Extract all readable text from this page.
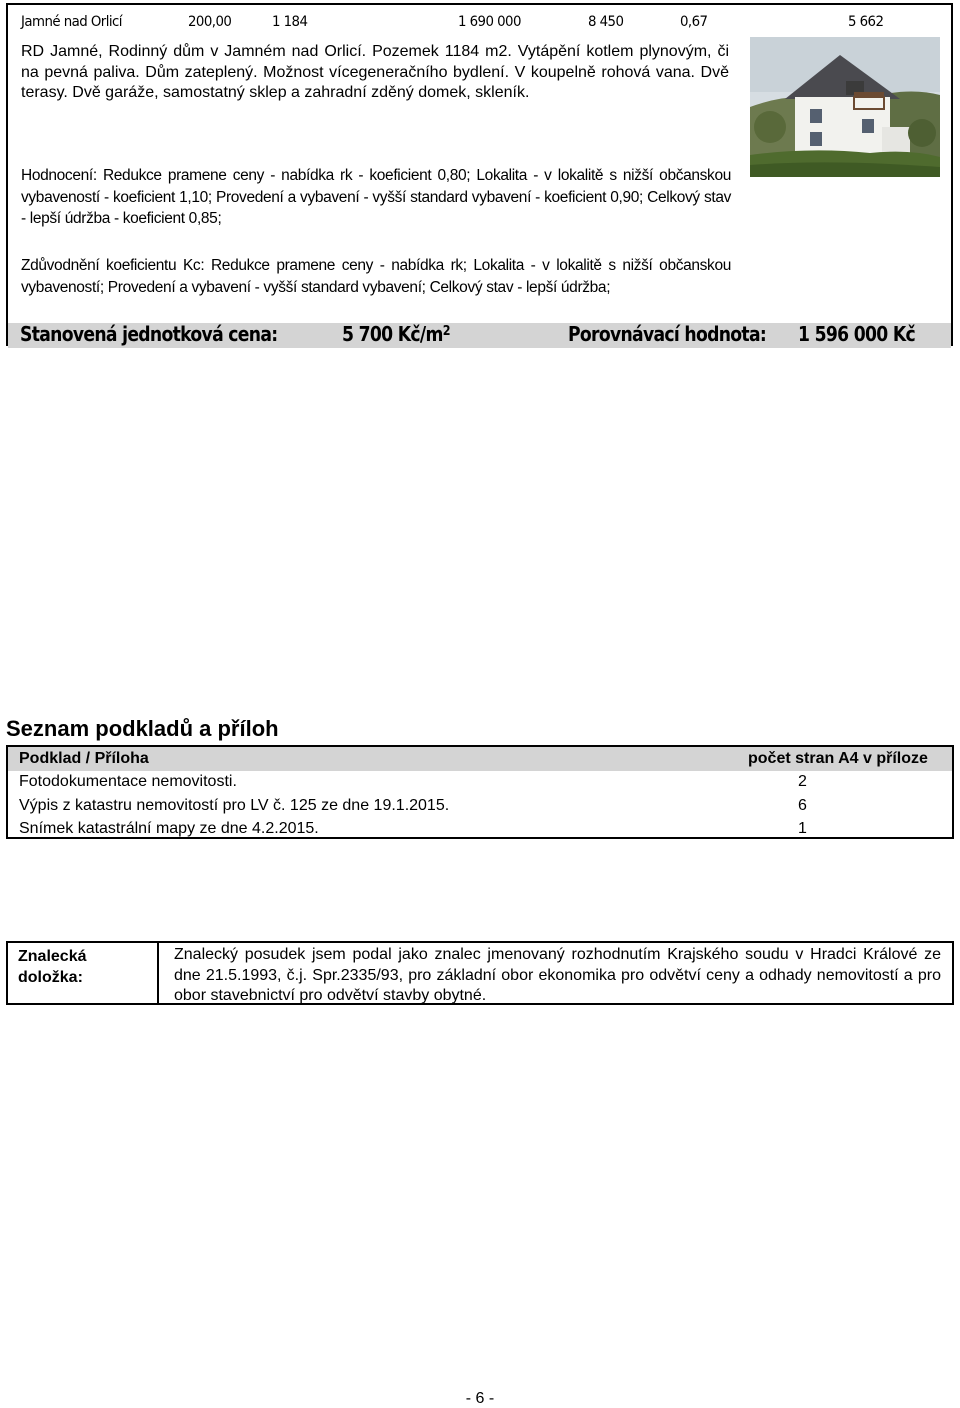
Jamné nad Orlicí	200,00	1 184	1 690 000	8 450	0,67	5 662
RD Jamné, Rodinný dům v Jamném nad Orlicí. Pozemek 1184 m2. Vytápění kotlem plynovým, či na pevná paliva. Dům zateplený. Možnost vícegeneračního bydlení. V koupelně rohová vana. Dvě terasy. Dvě garáže, samostatný sklep a zahradní zděný domek, skleník.
Hodnocení: Redukce pramene ceny - nabídka rk - koeficient 0,80; Lokalita - v lokalitě s nižší občanskou vybaveností - koeficient 1,10; Provedení a vybavení - vyšší standard vybavení - koeficient 0,90; Celkový stav - lepší údržba - koeficient 0,85;
Zdůvodnění koeficientu Kc: Redukce pramene ceny - nabídka rk; Lokalita - v lokalitě s nižší občanskou vybaveností; Provedení a vybavení - vyšší standard vybavení; Celkový stav - lepší údržba;
Stanovená jednotková cena:	5 700 $Kč/m^2$	Porovnávací hodnota: 1 596 000 Kč
Seznam podkladů a příloh
Podklad / Příloha	počet stran A4 v příloze
Fotodokumentace nemovitosti.	2
Výpis z katastru nemovitostí pro LV č. 125 ze dne 19.1.2015.	6
Snímek katastrální mapy ze dne 4.2.2015.	1
Znalecká doložka:
Znalecký posudek jsem podal jako znalec jmenovaný rozhodnutím Krajského soudu v Hradci Králové ze dne 21.5.1993, č.j. Spr.2335/93, pro základní obor ekonomika pro odvětví ceny a odhady nemovitostí a pro obor stavebnictví pro odvětví stavby obytné.
- 6 -
